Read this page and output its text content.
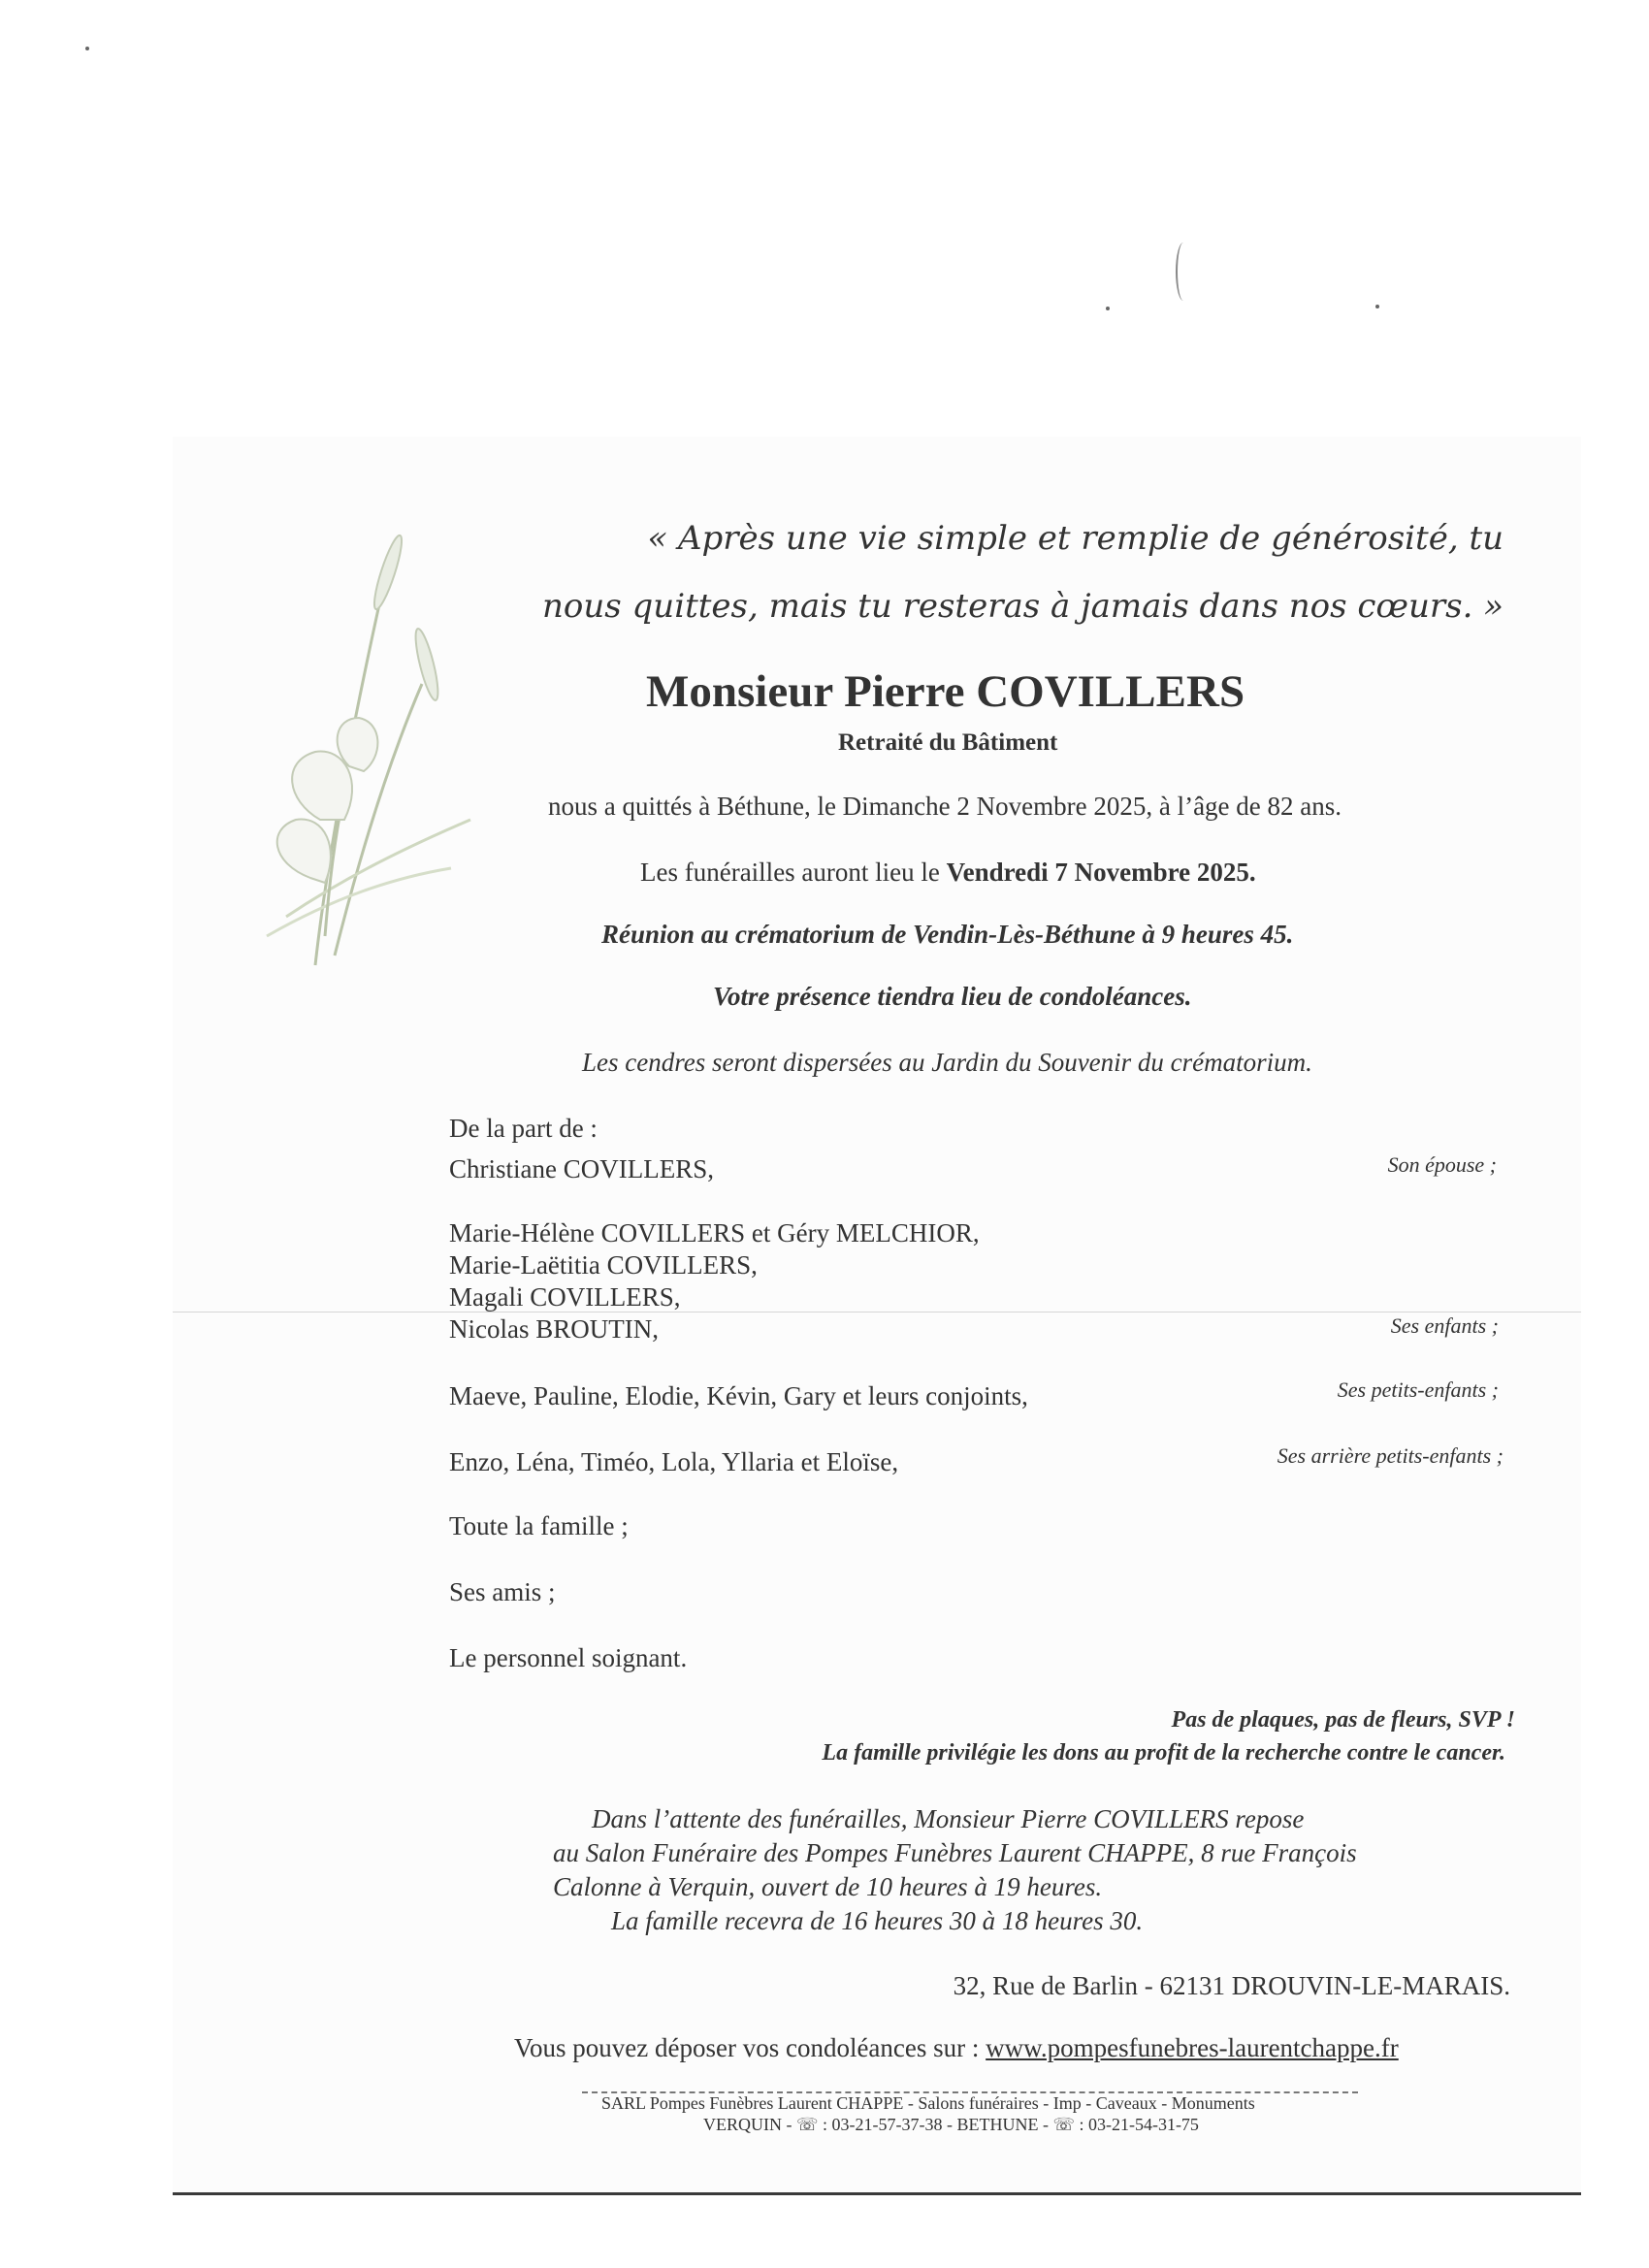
« Après une vie simple et remplie de générosité, tu
nous quittes, mais tu resteras à jamais dans nos cœurs. »
Monsieur Pierre COVILLERS
Retraité du Bâtiment
nous a quittés à Béthune, le Dimanche 2 Novembre 2025, à l’âge de 82 ans.
Les funérailles auront lieu le Vendredi 7 Novembre 2025.
Réunion au crématorium de Vendin-Lès-Béthune à 9 heures 45.
Votre présence tiendra lieu de condoléances.
Les cendres seront dispersées au Jardin du Souvenir du crématorium.
De la part de :
Christiane COVILLERS,	Son épouse ;
Marie-Hélène COVILLERS et Géry MELCHIOR,
Marie-Laëtitia COVILLERS,
Magali COVILLERS,
Nicolas BROUTIN,	Ses enfants ;
Maeve, Pauline, Elodie, Kévin, Gary et leurs conjoints,	Ses petits-enfants ;
Enzo, Léna, Timéo, Lola, Yllaria et Eloïse,	Ses arrière petits-enfants ;
Toute la famille ;
Ses amis ;
Le personnel soignant.
Pas de plaques, pas de fleurs, SVP !
La famille privilégie les dons au profit de la recherche contre le cancer.
Dans l’attente des funérailles, Monsieur Pierre COVILLERS repose
au Salon Funéraire des Pompes Funèbres Laurent CHAPPE, 8 rue François
Calonne à Verquin, ouvert de 10 heures à 19 heures.
La famille recevra de 16 heures 30 à 18 heures 30.
32, Rue de Barlin - 62131 DROUVIN-LE-MARAIS.
Vous pouvez déposer vos condoléances sur : www.pompesfunebres-laurentchappe.fr
SARL Pompes Funèbres Laurent CHAPPE - Salons funéraires - Imp - Caveaux - Monuments
VERQUIN - ☏ : 03-21-57-37-38 - BETHUNE - ☏ : 03-21-54-31-75
